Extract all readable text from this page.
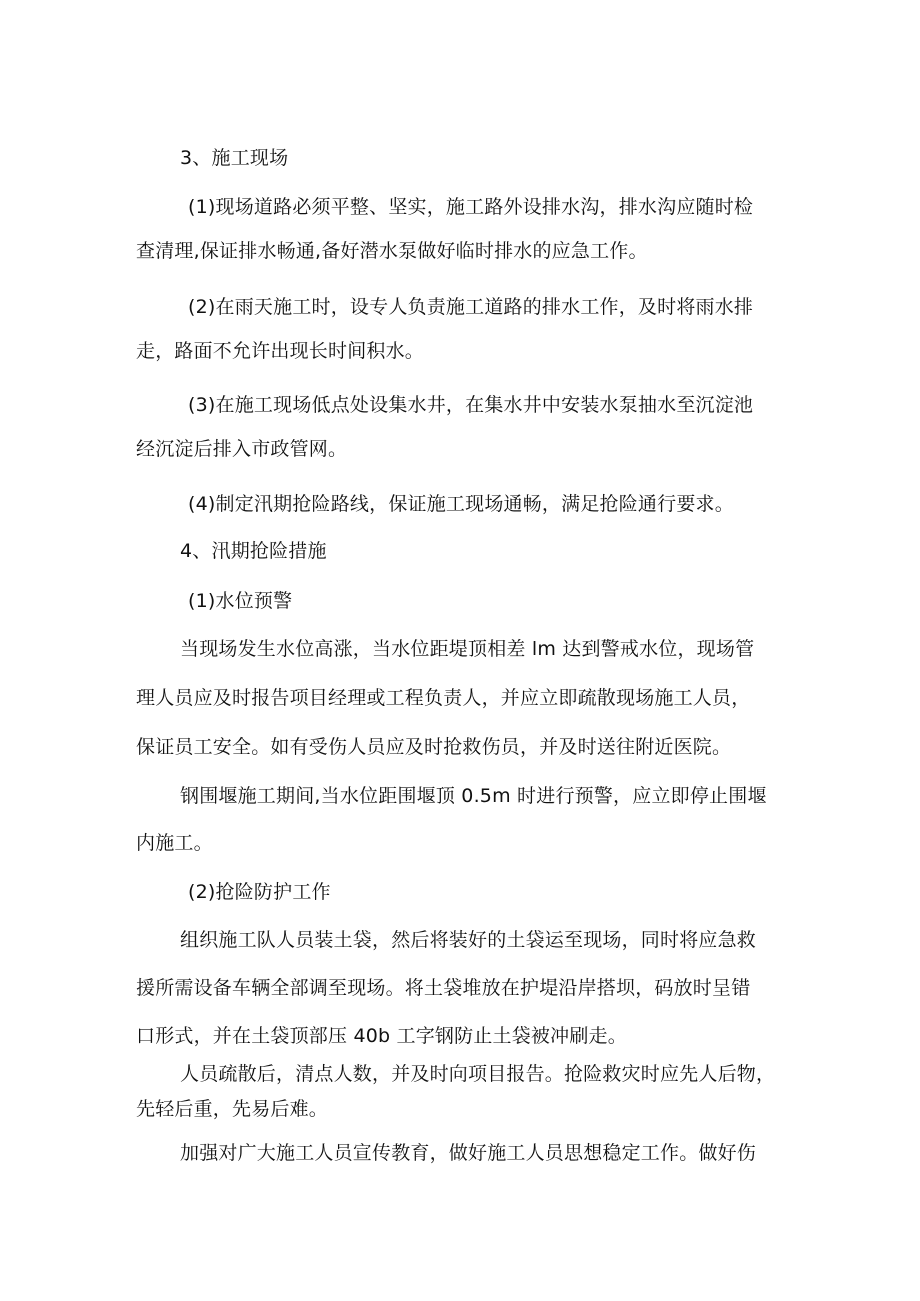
3、施工现场
(1)现场道路必须平整、坚实，施工路外设排水沟，排水沟应随时检
查清理,保证排水畅通,备好潜水泵做好临时排水的应急工作。
(2)在雨天施工时，设专人负责施工道路的排水工作，及时将雨水排
走，路面不允许出现长时间积水。
(3)在施工现场低点处设集水井，在集水井中安装水泵抽水至沉淀池
经沉淀后排入市政管网。
(4)制定汛期抢险路线，保证施工现场通畅，满足抢险通行要求。
4、汛期抢险措施
(1)水位预警
当现场发生水位高涨，当水位距堤顶相差 lm 达到警戒水位，现场管
理人员应及时报告项目经理或工程负责人，并应立即疏散现场施工人员，
保证员工安全。如有受伤人员应及时抢救伤员，并及时送往附近医院。
钢围堰施工期间,当水位距围堰顶 0.5m 时进行预警，应立即停止围堰
内施工。
(2)抢险防护工作
组织施工队人员装土袋，然后将装好的土袋运至现场，同时将应急救
援所需设备车辆全部调至现场。将土袋堆放在护堤沿岸搭坝，码放时呈错
口形式，并在土袋顶部压 40b 工字钢防止土袋被冲刷走。
人员疏散后，清点人数，并及时向项目报告。抢险救灾时应先人后物，
先轻后重，先易后难。
加强对广大施工人员宣传教育，做好施工人员思想稳定工作。做好伤
